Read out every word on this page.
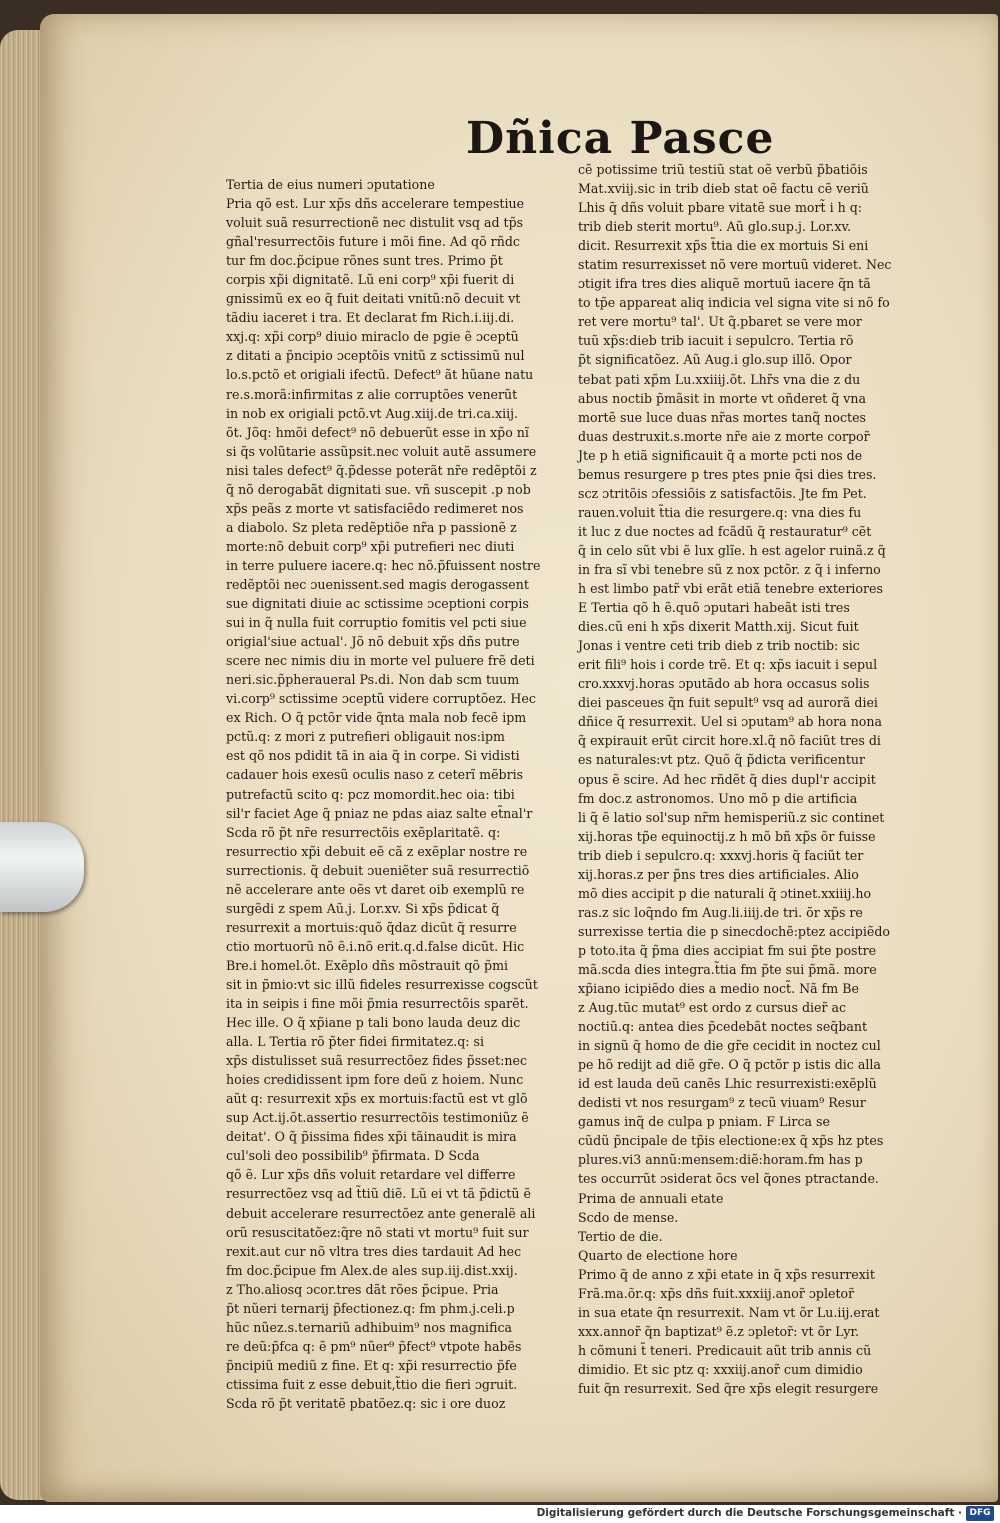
Dñica Pasce
Tertia de eius numeri ɔputatione
Pria qõ est. Lur xp̃s dñs accelerare tempestiue
voluit suã resurrectionẽ nec distulit vsq ad tp̃s
gñal'resurrectõis future i mõi fine. Ad qõ rñdc
tur fm doc.p̃cipue rõnes sunt tres. Primo p̃t
corpis xp̃i dignitatẽ. Lũ eni corp⁹ xp̃i fuerit di
gnissimũ ex eo q̃ fuit deitati vnitũ:nõ decuit vt
tãdiu iaceret i tra. Et declarat fm Rich.i.iij.di.
xxj.q: xp̃i corp⁹ diuio miraclo de pgie ẽ ɔceptũ
z ditati a p̃ncipio ɔceptõis vnitũ z sctissimũ nul
lo.s.pctõ et origiali ifectũ. Defect⁹ ãt hũane natu
re.s.morã:infirmitas z alie corruptões venerũt
in nob ex origiali pctõ.vt Aug.xiij.de tri.ca.xiij.
õt. Jõq: hmõi defect⁹ nõ debuerũt esse in xp̃o nĩ
si q̃s volũtarie assũpsit.nec voluit autẽ assumere
nisi tales defect⁹ q̃.p̃desse poterãt nr̃e redẽptõi z
q̃ nõ derogabãt dignitati sue. vñ suscepit .p nob
xp̃s peãs z morte vt satisfaciẽdo redimeret nos
a diabolo. Sz pleta redẽptiõe nr̃a p passionẽ z
morte:nõ debuit corp⁹ xp̃i putrefieri nec diuti
in terre puluere iacere.q: hec nõ.p̃fuissent nostre
redẽptõi nec ɔuenissent.sed magis derogassent
sue dignitati diuie ac sctissime ɔceptioni corpis
sui in q̃ nulla fuit corruptio fomitis vel pcti siue
origial'siue actual'. Jõ nõ debuit xp̃s dñs putre
scere nec nimis diu in morte vel puluere frẽ deti
neri.sic.p̃pheraueral Ps.di. Non dab scm tuum
vi.corp⁹ sctissime ɔceptũ videre corruptõez. Hec
ex Rich. O q̃ pctõr vide q̃nta mala nob fecẽ ipm
pctũ.q: z mori z putrefieri obligauit nos:ipm
est qõ nos pdidit tã in aia q̃ in corpe. Si vidisti
cadauer hois exesũ oculis naso z ceterĩ mẽbris
putrefactũ scito q: pcz momordit.hec oia: tibi
sil'r faciet Age q̃ pniaz ne pdas aiaz salte et̃nal'r
Scda rõ p̃t nr̃e resurrectõis exẽplaritatẽ. q:
resurrectio xp̃i debuit eẽ cã z exẽplar nostre re
surrectionis. q̃ debuit ɔueniẽter suã resurrectiõ
nẽ accelerare ante oẽs vt daret oib exemplũ re
surgẽdi z spem Aũ.j. Lor.xv. Si xp̃s p̃dicat q̃
resurrexit a mortuis:quõ q̃daz dicũt q̃ resurre
ctio mortuorũ nõ ẽ.i.nõ erit.q.d.false dicũt. Hic
Bre.i homel.õt. Exẽplo dñs mõstrauit qõ p̃mi
sit in p̃mio:vt sic illũ fideles resurrexisse cogscũt
ita in seipis i fine mõi p̃mia resurrectõis sparẽt.
Hec ille. O q̃ xp̃iane p tali bono lauda deuz dic
alla. L Tertia rõ p̃ter fidei firmitatez.q: si
xp̃s distulisset suã resurrectõez fides p̃sset:nec
hoies credidissent ipm fore deũ z hoiem. Nunc
aũt q: resurrexit xp̃s ex mortuis:factũ est vt glõ
sup Act.ij.õt.assertio resurrectõis testimoniũz ẽ
deitat'. O q̃ p̃issima fides xp̃i tãinaudit is mira
cul'soli deo possibilib⁹ p̃firmata. D Scda
qõ ẽ. Lur xp̃s dñs voluit retardare vel differre
resurrectõez vsq ad t̃tiũ diẽ. Lũ ei vt tã p̃dictũ ẽ
debuit accelerare resurrectõez ante generalẽ ali
orũ resuscitatõez:q̃re nõ stati vt mortu⁹ fuit sur
rexit.aut cur nõ vltra tres dies tardauit Ad hec
fm doc.p̃cipue fm Alex.de ales sup.iij.dist.xxij.
z Tho.aliosq ɔcor.tres dãt rões p̃cipue. Pria
p̃t nũeri ternarij p̃fectionez.q: fm phm.j.celi.p
hũc nũez.s.ternariũ adhibuim⁹ nos magnifica
re deũ:p̃fca q: ẽ pm⁹ nũer⁹ p̃fect⁹ vtpote habẽs
p̃ncipiũ mediũ z fine. Et q: xp̃i resurrectio p̃fe
ctissima fuit z esse debuit,t̃tio die fieri ɔgruit.
Scda rõ p̃t veritatẽ pbatõez.q: sic i ore duoz
cẽ potissime triũ testiũ stat oẽ verbũ p̃batiõis
Mat.xviij.sic in trib dieb stat oẽ factu cẽ veriũ
Lhis q̃ dñs voluit pbare vitatẽ sue mort̃ i h q:
trib dieb sterit mortu⁹. Aũ glo.sup.j. Lor.xv.
dicit. Resurrexit xp̃s t̃tia die ex mortuis Si eni
statim resurrexisset nõ vere mortuũ videret. Nec
ɔtigit ifra tres dies aliquẽ mortuũ iacere q̃n tã
to tp̃e appareat aliq indicia vel signa vite si nõ fo
ret vere mortu⁹ tal'. Ut q̃.pbaret se vere mor
tuũ xp̃s:dieb trib iacuit i sepulcro. Tertia rõ
p̃t significatõez. Aũ Aug.i glo.sup illõ. Opor
tebat pati xp̃m Lu.xxiiij.õt. Lhr̃s vna die z du
abus noctib p̃mãsit in morte vt oñderet q̃ vna
mortẽ sue luce duas nr̃as mortes tanq̃ noctes
duas destruxit.s.morte nr̃e aie z morte corpor̃
Jte p h etiã significauit q̃ a morte pcti nos de
bemus resurgere p tres ptes pnie q̃si dies tres.
scz ɔtritõis ɔfessiõis z satisfactõis. Jte fm Pet.
rauen.voluit t̃tia die resurgere.q: vna dies fu
it luc z due noctes ad fcãdũ q̃ restauratur⁹ cẽt
q̃ in celo sũt vbi ẽ lux glĩe. h est agelor ruinã.z q̃
in fra sĩ vbi tenebre sũ z nox pctõr. z q̃ i inferno
h est limbo patr̃ vbi erãt etiã tenebre exteriores
E Tertia qõ h ẽ.quõ ɔputari habeãt isti tres
dies.cũ eni h xp̃s dixerit Matth.xij. Sicut fuit
Jonas i ventre ceti trib dieb z trib noctib: sic
erit fili⁹ hois i corde trẽ. Et q: xp̃s iacuit i sepul
cro.xxxvj.horas ɔputãdo ab hora occasus solis
diei pasceues q̃n fuit sepult⁹ vsq ad aurorã diei
dñice q̃ resurrexit. Uel si ɔputam⁹ ab hora nona
q̃ expirauit erũt circit hore.xl.q̃ nõ faciũt tres di
es naturales:vt ptz. Quõ q̃ p̃dicta verificentur
opus ẽ scire. Ad hec rñdẽt q̃ dies dupl'r accipit
fm doc.z astronomos. Uno mõ p die artificia
li q̃ ẽ latio sol'sup nr̃m hemisperiũ.z sic continet
xij.horas tp̃e equinoctij.z h mõ bñ xp̃s õr fuisse
trib dieb i sepulcro.q: xxxvj.horis q̃ faciũt ter
xij.horas.z per p̃ns tres dies artificiales. Alio
mõ dies accipit p die naturali q̃ ɔtinet.xxiiij.ho
ras.z sic loq̃ndo fm Aug.li.iiij.de tri. õr xp̃s re
surrexisse tertia die p sinecdochẽ:ptez accipiẽdo
p toto.ita q̃ p̃ma dies accipiat fm sui p̃te postre
mã.scda dies integra.t̃tia fm p̃te sui p̃mã. more
xp̃iano icipiẽdo dies a medio noct̃. Nã fm Be
z Aug.tũc mutat⁹ est ordo z cursus dier̃ ac
noctiũ.q: antea dies p̃cedebãt noctes seq̃bant
in signũ q̃ homo de die gr̃e cecidit in noctez cul
pe hõ redijt ad diẽ gr̃e. O q̃ pctõr p istis dic alla
id est lauda deũ canẽs Lhic resurrexisti:exẽplũ
dedisti vt nos resurgam⁹ z tecũ viuam⁹ Resur
gamus inq̃ de culpa p pniam. F Lirca se
cũdũ p̃ncipale de tp̃is electione:ex q̃ xp̃s hz ptes
plures.vi3 annũ:mensem:diẽ:horam.fm has p
tes occurrũt ɔsiderat õcs vel q̃ones ptractande.
Prima de annuali etate
Scdo de mense.
Tertio de die.
Quarto de electione hore
Primo q̃ de anno z xp̃i etate in q̃ xp̃s resurrexit
Frã.ma.õr.q: xp̃s dñs fuit.xxxiij.anor̃ ɔpletor̃
in sua etate q̃n resurrexit. Nam vt õr Lu.iij.erat
xxx.annor̃ q̃n baptizat⁹ ẽ.z ɔpletor̃: vt õr Lyr.
h cõmuni t̃ teneri. Predicauit aũt trib annis cũ
dimidio. Et sic ptz q: xxxiij.anor̃ cum dimidio
fuit q̃n resurrexit. Sed q̃re xp̃s elegit resurgere
Digitalisierung gefördert durch die Deutsche Forschungsgemeinschaft · DFG
